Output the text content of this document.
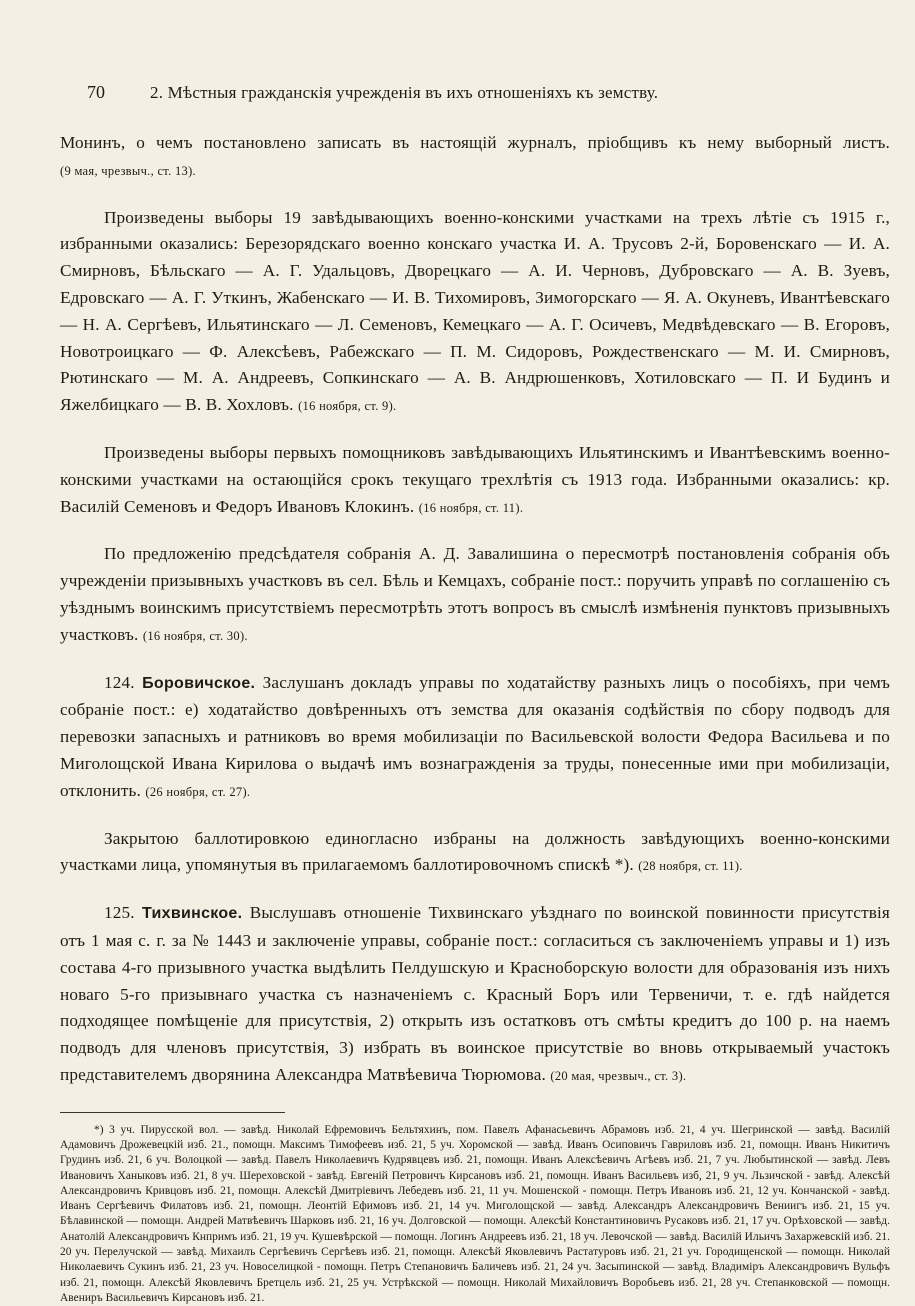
70	2. Мѣстныя гражданскія учрежденія въ ихъ отношеніяхъ къ земству.

Монинъ, о чемъ постановлено записать въ настоящій журналъ, пріобщивъ къ нему выборный листъ. (9 мая, чрезвыч., ст. 13).

Произведены выборы 19 завѣдывающихъ военно-конскими участками на трехъ лѣтіе съ 1915 г., избранными оказались: Березорядскаго военно конскаго участка И. А. Трусовъ 2-й, Боровенскаго — И. А. Смирновъ, Бѣльскаго — А. Г. Удальцовъ, Дворецкаго — А. И. Черновъ, Дубровскаго — А. В. Зуевъ, Едровскаго — А. Г. Уткинъ, Жабенскаго — И. В. Тихомировъ, Зимогорскаго — Я. А. Окуневъ, Ивантѣевскаго — Н. А. Сергѣевъ, Ильятинскаго — Л. Семеновъ, Кемецкаго — А. Г. Осичевъ, Медвѣдевскаго — В. Егоровъ, Новотроицкаго — Ф. Алексѣевъ, Рабежскаго — П. М. Сидоровъ, Рождественскаго — М. И. Смирновъ, Рютинскаго — М. А. Андреевъ, Сопкинскаго — А. В. Андрюшенковъ, Хотиловскаго — П. И Будинъ и Яжелбицкаго — В. В. Хохловъ. (16 ноября, ст. 9).

Произведены выборы первыхъ помощниковъ завѣдывающихъ Ильятинскимъ и Ивантѣевскимъ военно-конскими участками на остающійся срокъ текущаго трехлѣтія съ 1913 года. Избранными оказались: кр. Василій Семеновъ и Федоръ Ивановъ Клокинъ. (16 ноября, ст. 11).

По предложенію предсѣдателя собранія А. Д. Завалишина о пересмотрѣ постановленія собранія объ учрежденіи призывныхъ участковъ въ сел. Бѣль и Кемцахъ, собраніе пост.: поручить управѣ по соглашенію съ уѣзднымъ воинскимъ присутствіемъ пересмотрѣть этотъ вопросъ въ смыслѣ измѣненія пунктовъ призывныхъ участковъ. (16 ноября, ст. 30).

124. Боровичское. Заслушанъ докладъ управы по ходатайству разныхъ лицъ о пособіяхъ, при чемъ собраніе пост.: е) ходатайство довѣренныхъ отъ земства для оказанія содѣйствія по сбору подводъ для перевозки запасныхъ и ратниковъ во время мобилизаціи по Васильевской волости Федора Васильева и по Миголощской Ивана Кирилова о выдачѣ имъ вознагражденія за труды, понесенные ими при мобилизаціи, отклонить. (26 ноября, ст. 27).

Закрытою баллотировкою единогласно избраны на должность завѣдующихъ военно-конскими участками лица, упомянутыя въ прилагаемомъ баллотировочномъ спискѣ *). (28 ноября, ст. 11).

125. Тихвинское. Выслушавъ отношеніе Тихвинскаго уѣзднаго по воинской повинности присутствія отъ 1 мая с. г. за № 1443 и заключеніе управы, собраніе пост.: согласиться съ заключеніемъ управы и 1) изъ состава 4-го призывного участка выдѣлить Пелдушскую и Красноборскую волости для образованія изъ нихъ новаго 5-го призывнаго участка съ назначеніемъ с. Красный Боръ или Тервеничи, т. е. гдѣ найдется подходящее помѣщеніе для присутствія, 2) открыть изъ остатковъ отъ смѣты кредитъ до 100 р. на наемъ подводъ для членовъ присутствія, 3) избрать въ воинское присутствіе во вновь открываемый участокъ представителемъ дворянина Александра Матвѣевича Тюрюмова. (20 мая, чрезвыч., ст. 3).

*) 3 уч. Пирусской вол. — завѣд. Николай Ефремовичъ Бельтяхинъ, пом. Павелъ Афанасьевичъ Абрамовъ изб. 21, 4 уч. Шегринской — завѣд. Василій Адамовичъ Дрожевецкій изб. 21., помощн. Максимъ Тимофеевъ изб. 21, 5 уч. Хоромской — завѣд. Иванъ Осиповичъ Гавриловъ изб. 21, помощн. Иванъ Никитичъ Грудинъ изб. 21, 6 уч. Волоцкой — завѣд. Павелъ Николаевичъ Кудрявцевъ изб. 21, помощн. Иванъ Алексѣевичъ Агѣевъ изб. 21, 7 уч. Любытинской — завѣд. Левъ Ивановичъ Ханыковъ изб. 21, 8 уч. Шереховской - завѣд. Евгеній Петровичъ Кирсановъ изб. 21, помощн. Иванъ Васильевъ изб, 21, 9 уч. Льзичской - завѣд. Алексѣй Александровичъ Кривцовъ изб. 21, помощн. Алексѣй Дмитріевичъ Лебедевъ изб. 21, 11 уч. Мошенской - помощн. Петръ Ивановъ изб. 21, 12 уч. Кончанской - завѣд. Иванъ Сергѣевичъ Филатовъ изб. 21, помощн. Леонтій Ефимовъ изб. 21, 14 уч. Миголощской — завѣд. Александръ Александровичъ Вениигъ изб. 21, 15 уч. Бѣлавинской — помощн. Андрей Матвѣевичъ Шарковъ изб. 21, 16 уч. Долговской — помощн. Алексѣй Константиновичъ Русаковъ изб. 21, 17 уч. Орѣховской — завѣд. Анатолій Александровичъ Кнпримъ изб. 21, 19 уч. Кушевѣрской — помощн. Логинъ Андреевъ изб. 21, 18 уч. Левочской — завѣд. Василій Ильичъ Захаржевскій изб. 21. 20 уч. Перелучской — завѣд. Михаилъ Сергѣевичъ Сергѣевъ изб. 21, помощн. Алексѣй Яковлевичъ Растатуровъ изб. 21, 21 уч. Городищенской — помощн. Николай Николаевичъ Сукинъ изб. 21, 23 уч. Новоселицкой - помощн. Петръ Степановичъ Баличевъ изб. 21, 24 уч. Засыпинской — завѣд. Владиміръ Александровичъ Вульфъ изб. 21, помощн. Алексѣй Яковлевичъ Бретцель изб. 21, 25 уч. Устрѣкской — помощн. Николай Михайловичъ Воробьевъ изб. 21, 28 уч. Степанковской — помощн. Авениръ Васильевичъ Кирсановъ изб. 21.
